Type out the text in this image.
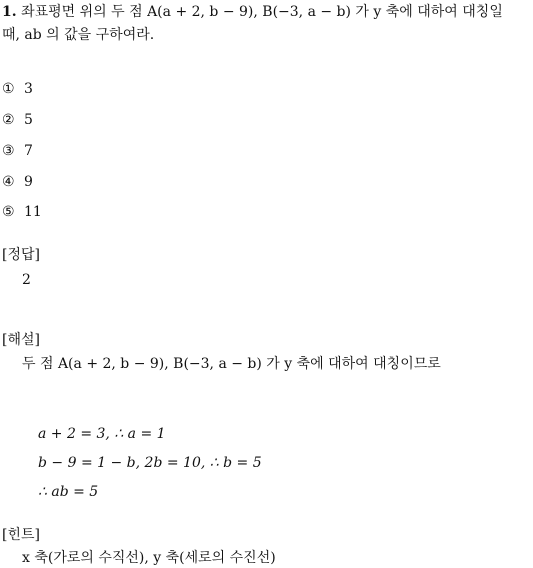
1. 좌표평면 위의 두 점 A(a + 2, b − 9), B(−3, a − b) 가 y 축에 대하여 대칭일
때, ab 의 값을 구하여라.
① 3
② 5
③ 7
④ 9
⑤ 11
[정답]
2
[해설]
두 점 A(a + 2, b − 9), B(−3, a − b) 가 y 축에 대하여 대칭이므로
a + 2 = 3, ∴ a = 1
b − 9 = 1 − b, 2b = 10, ∴ b = 5
∴ ab = 5
[힌트]
x 축(가로의 수직선), y 축(세로의 수진선)
